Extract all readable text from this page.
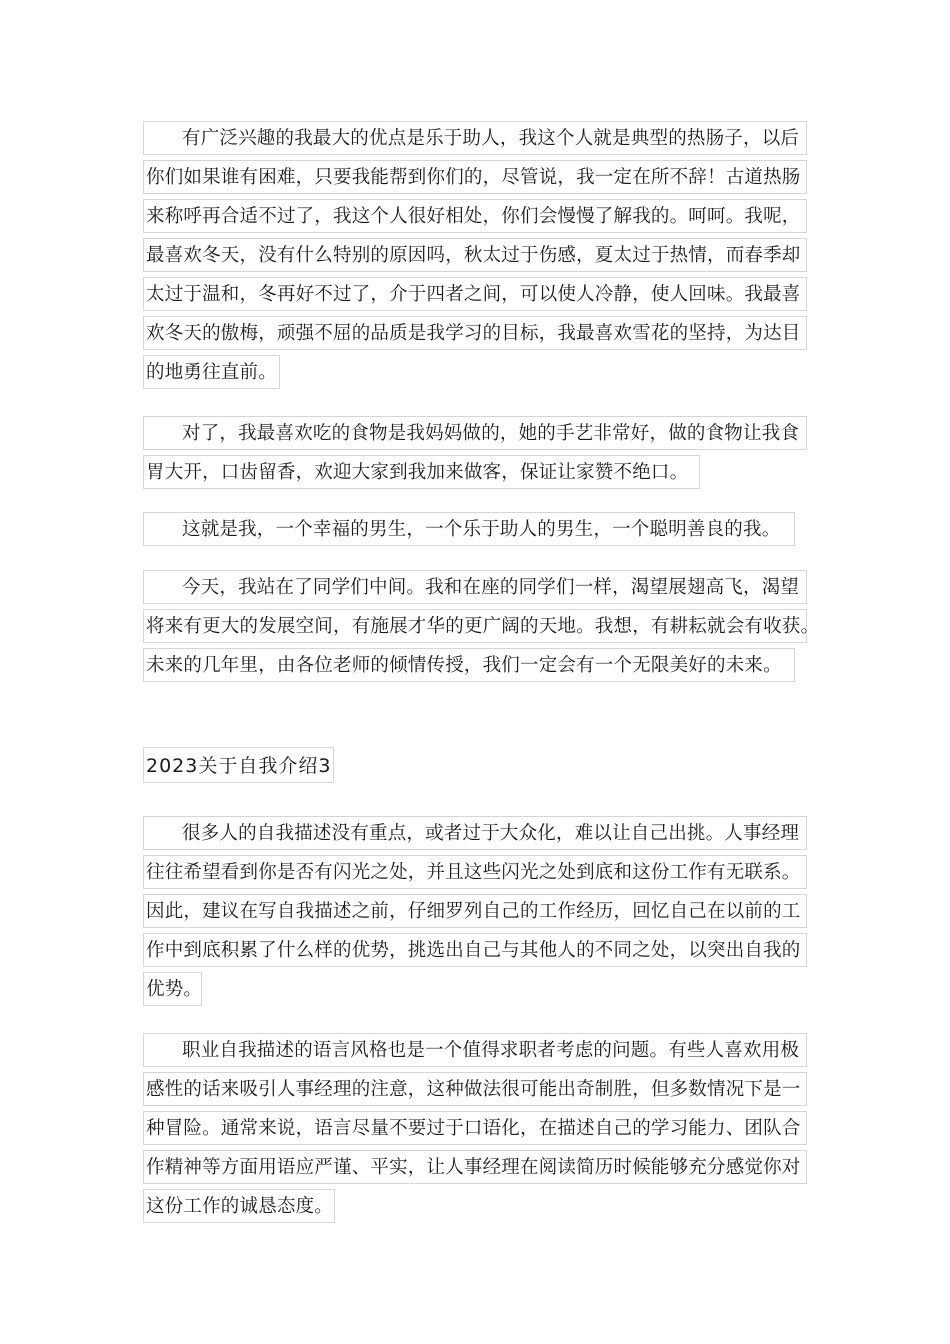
有广泛兴趣的我最大的优点是乐于助人，我这个人就是典型的热肠子，以后
你们如果谁有困难，只要我能帮到你们的，尽管说，我一定在所不辞！古道热肠
来称呼再合适不过了，我这个人很好相处，你们会慢慢了解我的。呵呵。我呢，
最喜欢冬天，没有什么特别的原因吗，秋太过于伤感，夏太过于热情，而春季却
太过于温和，冬再好不过了，介于四者之间，可以使人冷静，使人回味。我最喜
欢冬天的傲梅，顽强不屈的品质是我学习的目标，我最喜欢雪花的坚持，为达目
的地勇往直前。
对了，我最喜欢吃的食物是我妈妈做的，她的手艺非常好，做的食物让我食
胃大开，口齿留香，欢迎大家到我加来做客，保证让家赞不绝口。
这就是我，一个幸福的男生，一个乐于助人的男生，一个聪明善良的我。
今天，我站在了同学们中间。我和在座的同学们一样，渴望展翅高飞，渴望
将来有更大的发展空间，有施展才华的更广阔的天地。我想，有耕耘就会有收获。
未来的几年里，由各位老师的倾情传授，我们一定会有一个无限美好的未来。
2023关于自我介绍3
很多人的自我描述没有重点，或者过于大众化，难以让自己出挑。人事经理
往往希望看到你是否有闪光之处，并且这些闪光之处到底和这份工作有无联系。
因此，建议在写自我描述之前，仔细罗列自己的工作经历，回忆自己在以前的工
作中到底积累了什么样的优势，挑选出自己与其他人的不同之处，以突出自我的
优势。
职业自我描述的语言风格也是一个值得求职者考虑的问题。有些人喜欢用极
感性的话来吸引人事经理的注意，这种做法很可能出奇制胜，但多数情况下是一
种冒险。通常来说，语言尽量不要过于口语化，在描述自己的学习能力、团队合
作精神等方面用语应严谨、平实，让人事经理在阅读简历时候能够充分感觉你对
这份工作的诚恳态度。
